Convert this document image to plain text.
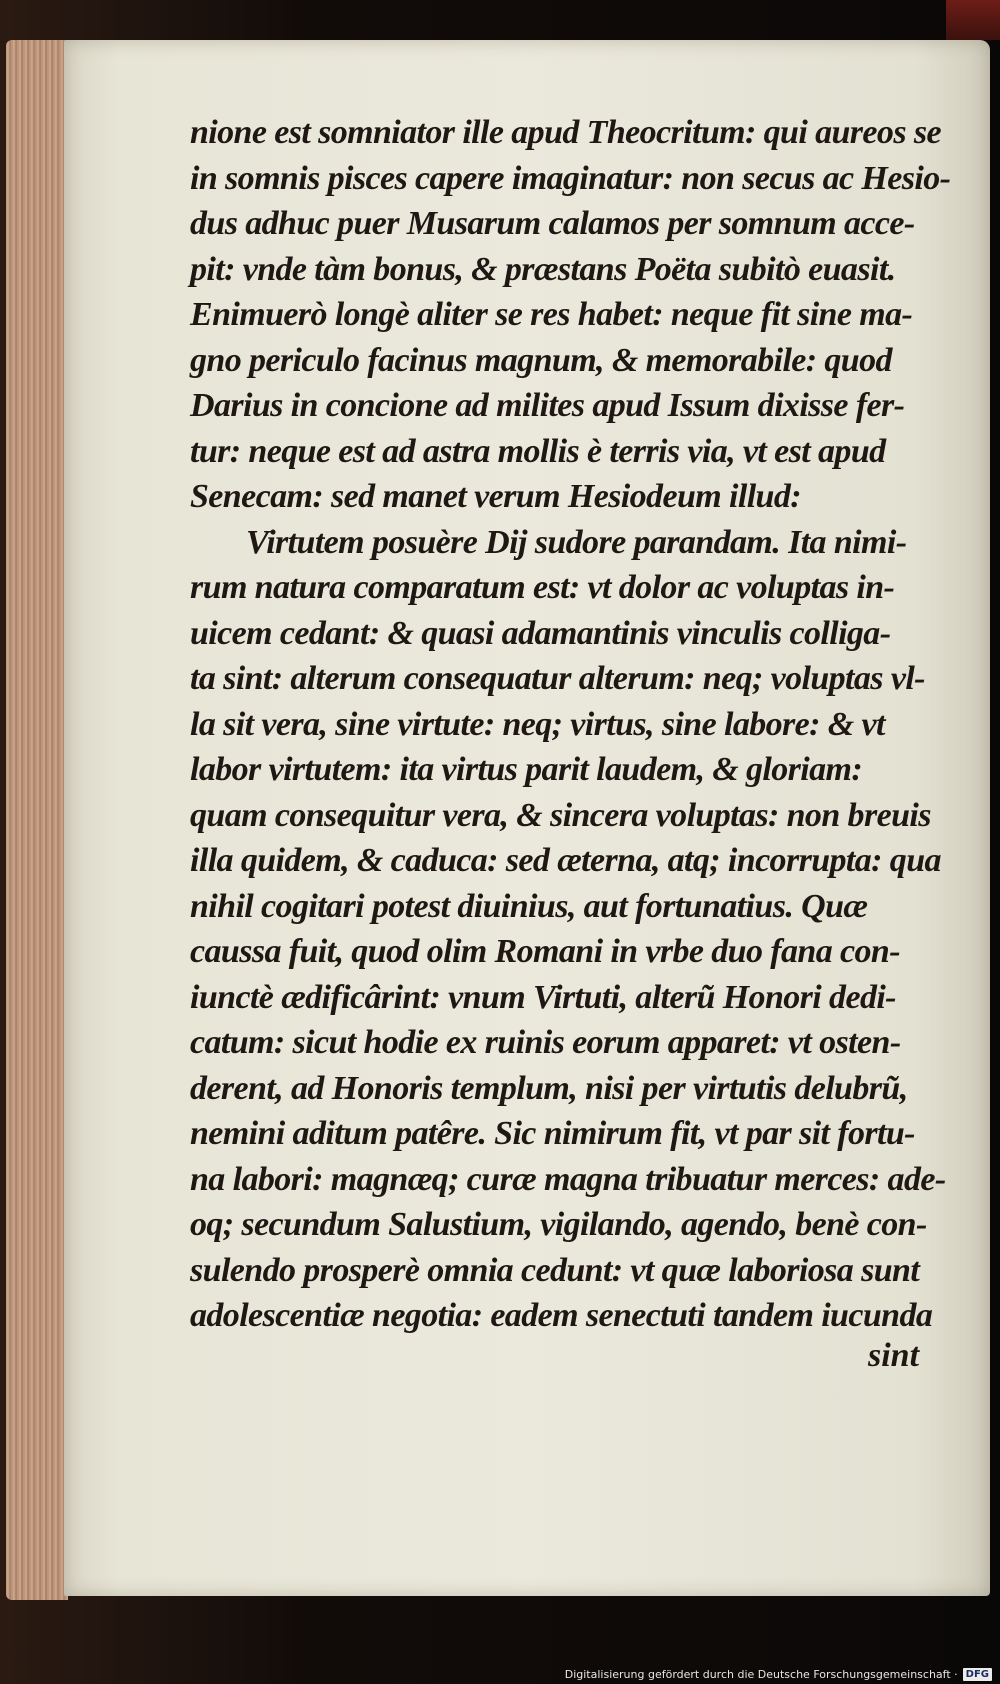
nione est somniator ille apud Theocritum: qui aureos se
in somnis pisces capere imaginatur: non secus ac Hesio-
dus adhuc puer Musarum calamos per somnum acce-
pit: vnde tàm bonus, & præstans Poëta subitò euasit.
Enimuerò longè aliter se res habet: neque fit sine ma-
gno periculo facinus magnum, & memorabile: quod
Darius in concione ad milites apud Issum dixisse fer-
tur: neque est ad astra mollis è terris via, vt est apud
Senecam: sed manet verum Hesiodeum illud:
Virtutem posuère Dij sudore parandam. Ita nimi-
rum natura comparatum est: vt dolor ac voluptas in-
uicem cedant: & quasi adamantinis vinculis colliga-
ta sint: alterum consequatur alterum: neq; voluptas vl-
la sit vera, sine virtute: neq; virtus, sine labore: & vt
labor virtutem: ita virtus parit laudem, & gloriam:
quam consequitur vera, & sincera voluptas: non breuis
illa quidem, & caduca: sed æterna, atq; incorrupta: qua
nihil cogitari potest diuinius, aut fortunatius. Quæ
caussa fuit, quod olim Romani in vrbe duo fana con-
iunctè ædificârint: vnum Virtuti, alterũ Honori dedi-
catum: sicut hodie ex ruinis eorum apparet: vt osten-
derent, ad Honoris templum, nisi per virtutis delubrũ,
nemini aditum patêre. Sic nimirum fit, vt par sit fortu-
na labori: magnæq; curæ magna tribuatur merces: ade-
oq; secundum Salustium, vigilando, agendo, benè con-
sulendo prosperè omnia cedunt: vt quæ laboriosa sunt
adolescentiæ negotia: eadem senectuti tandem iucunda
sint
Digitalisierung gefördert durch die Deutsche Forschungsgemeinschaft · DFG
